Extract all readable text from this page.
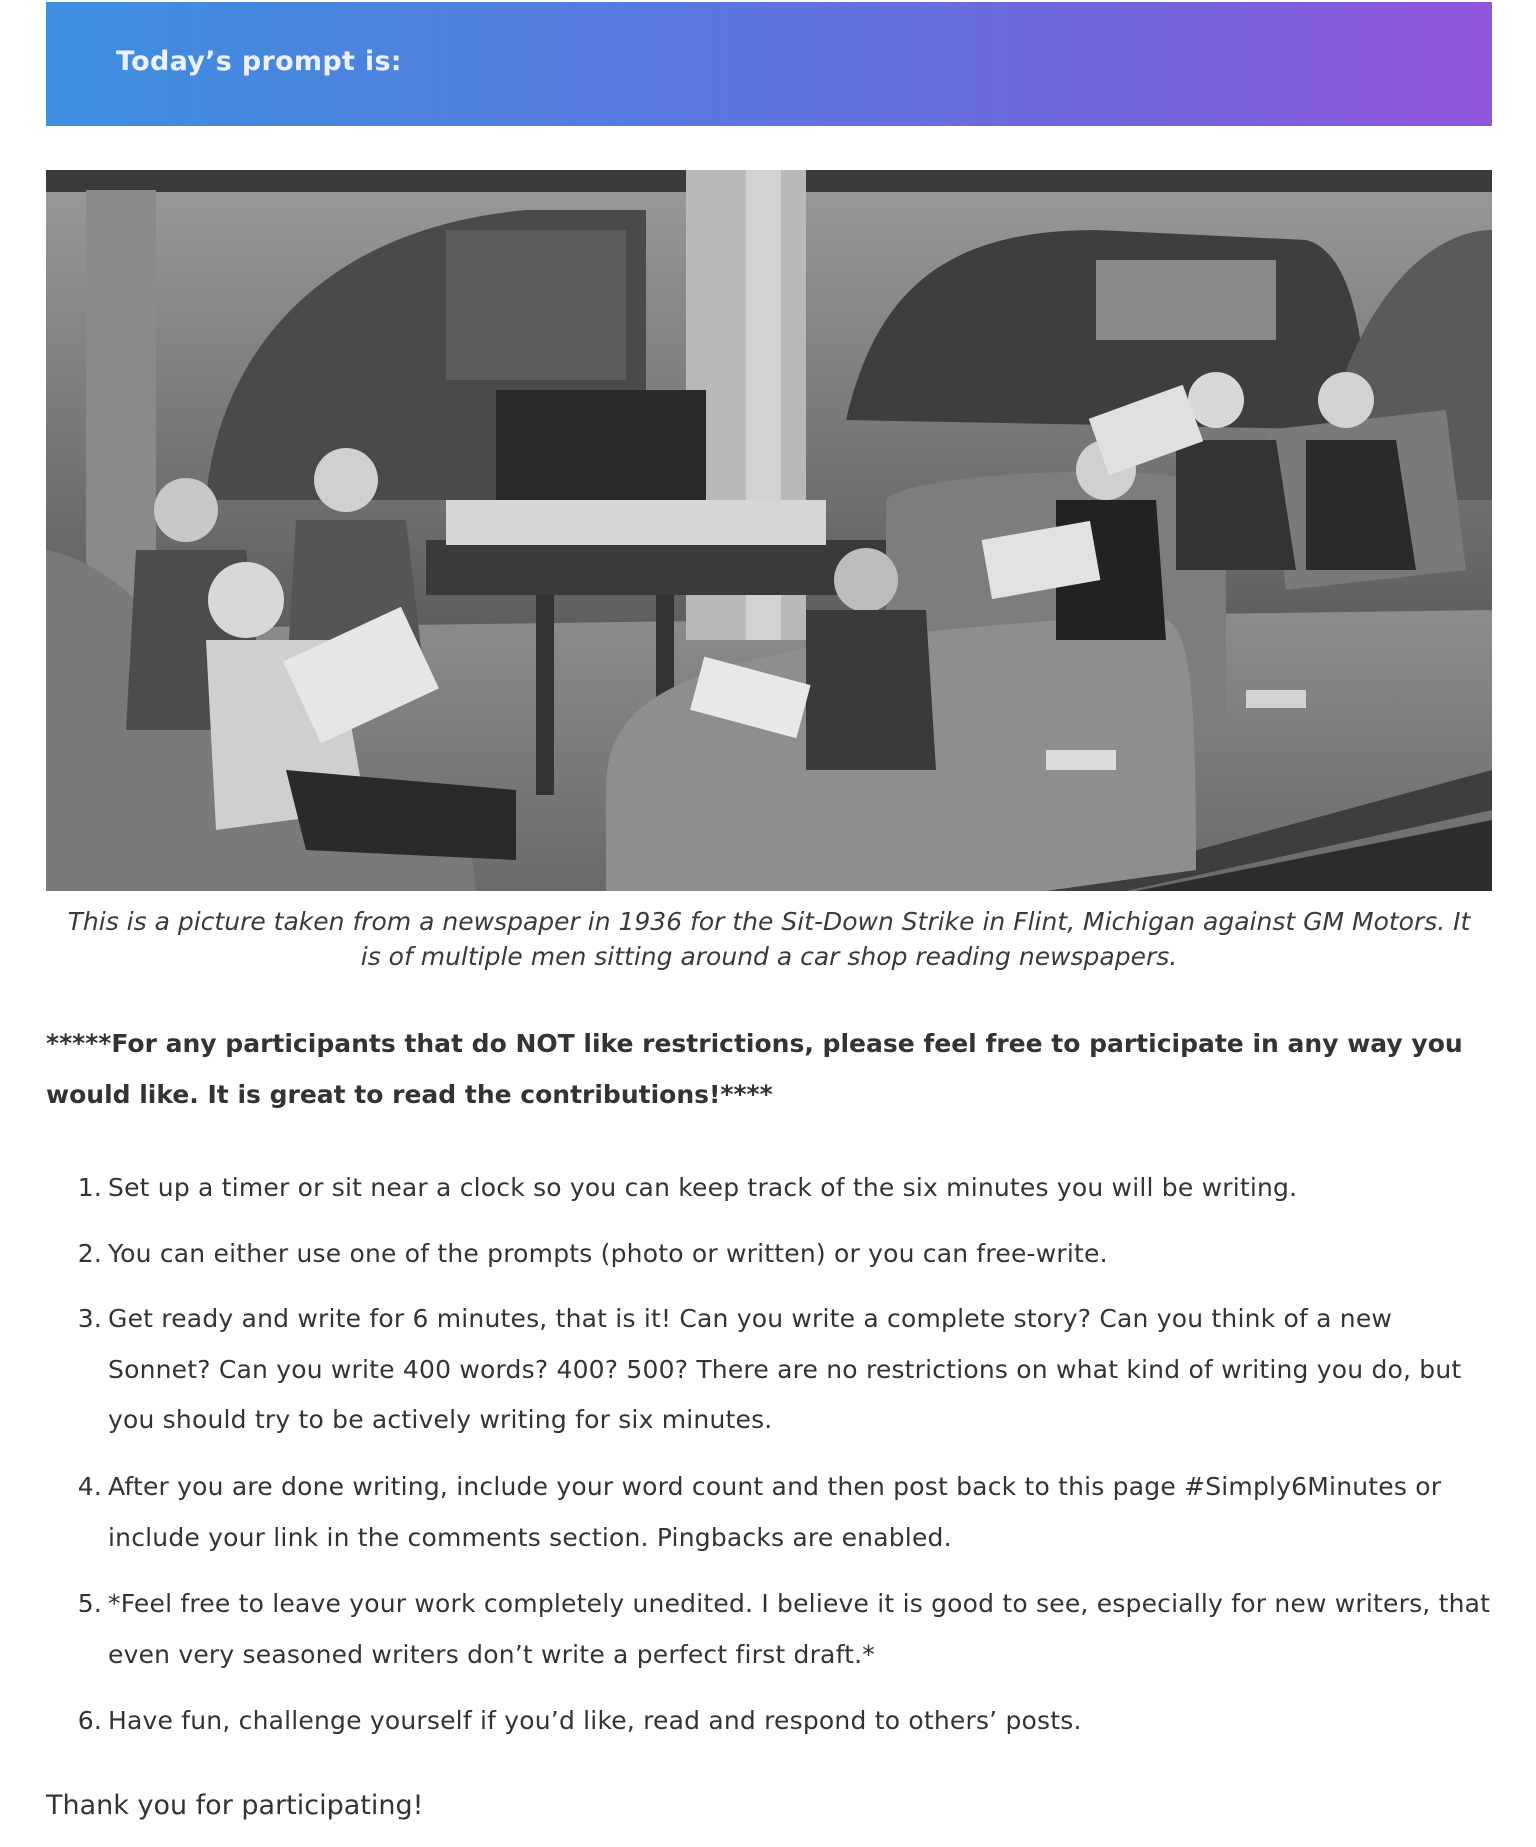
Today’s prompt is:

This is a picture taken from a newspaper in 1936 for the Sit-Down Strike in Flint, Michigan against GM Motors. It is of multiple men sitting around a car shop reading newspapers.

*****For any participants that do NOT like restrictions, please feel free to participate in any way you would like. It is great to read the contributions!****

1. Set up a timer or sit near a clock so you can keep track of the six minutes you will be writing.
2. You can either use one of the prompts (photo or written) or you can free-write.
3. Get ready and write for 6 minutes, that is it! Can you write a complete story? Can you think of a new Sonnet? Can you write 400 words? 400? 500? There are no restrictions on what kind of writing you do, but you should try to be actively writing for six minutes.
4. After you are done writing, include your word count and then post back to this page #Simply6Minutes or include your link in the comments section. Pingbacks are enabled.
5. *Feel free to leave your work completely unedited. I believe it is good to see, especially for new writers, that even very seasoned writers don’t write a perfect first draft.*
6. Have fun, challenge yourself if you’d like, read and respond to others’ posts.

Thank you for participating!
